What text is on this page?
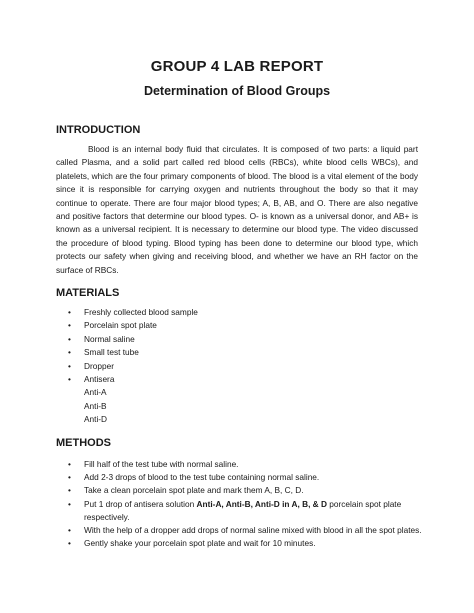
GROUP 4 LAB REPORT
Determination of Blood Groups
INTRODUCTION

Blood is an internal body fluid that circulates. It is composed of two parts: a liquid part called Plasma, and a solid part called red blood cells (RBCs), white blood cells WBCs), and platelets, which are the four primary components of blood. The blood is a vital element of the body since it is responsible for carrying oxygen and nutrients throughout the body so that it may continue to operate. There are four major blood types; A, B, AB, and O. There are also negative and positive factors that determine our blood types. O- is known as a universal donor, and AB+ is known as a universal recipient. It is necessary to determine our blood type. The video discussed the procedure of blood typing. Blood typing has been done to determine our blood type, which protects our safety when giving and receiving blood, and whether we have an RH factor on the surface of RBCs.

MATERIALS
• Freshly collected blood sample
• Porcelain spot plate
• Normal saline
• Small test tube
• Dropper
• Antisera
Anti-A
Anti-B
Anti-D
METHODS
• Fill half of the test tube with normal saline.
• Add 2-3 drops of blood to the test tube containing normal saline.
• Take a clean porcelain spot plate and mark them A, B, C, D.
• Put 1 drop of antisera solution Anti-A, Anti-B, Anti-D in A, B, & D porcelain spot plate respectively.
• With the help of a dropper add drops of normal saline mixed with blood in all the spot plates.
• Gently shake your porcelain spot plate and wait for 10 minutes.
